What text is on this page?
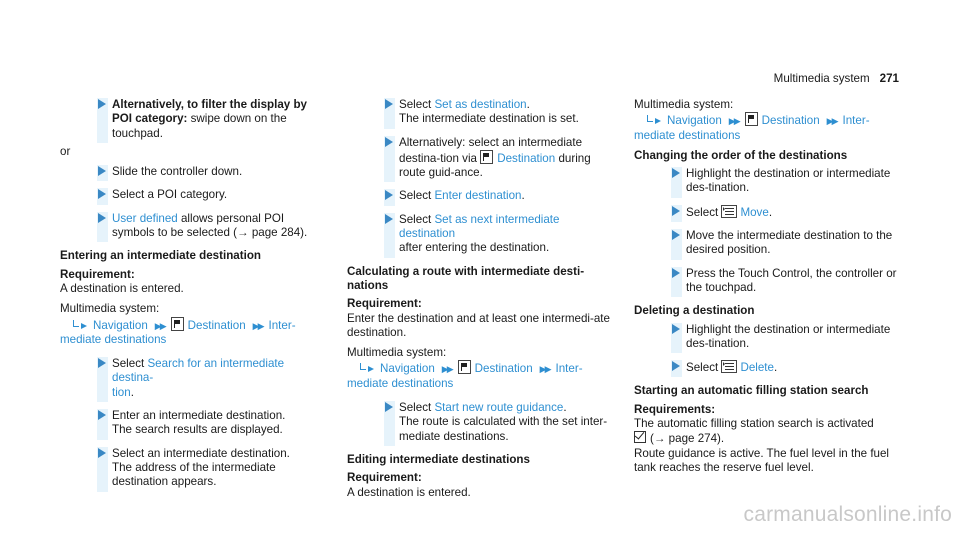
Multimedia system 271
Alternatively, to filter the display by POI category: swipe down on the touchpad.
or
Slide the controller down.
Select a POI category.
User defined allows personal POI symbols to be selected (→ page 284).
Entering an intermediate destination
Requirement:
A destination is entered.
Multimedia system:
Navigation ▶▶ Destination ▶▶ Inter-
mediate destinations
Select Search for an intermediate destina-
tion.
Enter an intermediate destination.
The search results are displayed.
Select an intermediate destination.
The address of the intermediate destination appears.
Select Set as destination.
The intermediate destination is set.
Alternatively: select an intermediate destina-tion via Destination during route guid-ance.
Select Enter destination.
Select Set as next intermediate destination
after entering the destination.
Calculating a route with intermediate desti-nations
Requirement:
Enter the destination and at least one intermedi-ate destination.
Multimedia system:
Navigation ▶▶ Destination ▶▶ Inter-
mediate destinations
Select Start new route guidance.
The route is calculated with the set inter-mediate destinations.
Editing intermediate destinations
Requirement:
A destination is entered.
Multimedia system:
Navigation ▶▶ Destination ▶▶ Inter-
mediate destinations
Changing the order of the destinations
Highlight the destination or intermediate des-tination.
Select Move.
Move the intermediate destination to the desired position.
Press the Touch Control, the controller or the touchpad.
Deleting a destination
Highlight the destination or intermediate des-tination.
Select Delete.
Starting an automatic filling station search
Requirements:
The automatic filling station search is activated
(→ page 274).
Route guidance is active. The fuel level in the fuel tank reaches the reserve fuel level.
carmanualsonline.info
